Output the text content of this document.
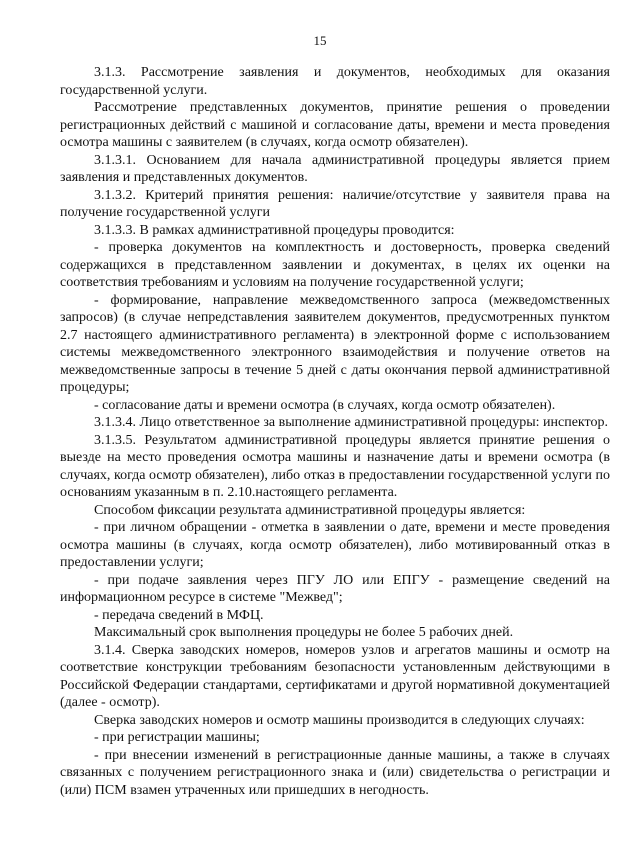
15

3.1.3. Рассмотрение заявления и документов, необходимых для оказания государственной услуги.

Рассмотрение представленных документов, принятие решения о проведении регистрационных действий с машиной и согласование даты, времени и места проведения осмотра машины с заявителем (в случаях, когда осмотр обязателен).

3.1.3.1. Основанием для начала административной процедуры является прием заявления и представленных документов.

3.1.3.2. Критерий принятия решения: наличие/отсутствие у заявителя права на получение государственной услуги

3.1.3.3. В рамках административной процедуры проводится:

- проверка документов на комплектность и достоверность, проверка сведений содержащихся в представленном заявлении и документах, в целях их оценки на соответствия требованиям и условиям на получение государственной услуги;

- формирование, направление межведомственного запроса (межведомственных запросов) (в случае непредставления заявителем документов, предусмотренных пунктом 2.7 настоящего административного регламента) в электронной форме с использованием системы межведомственного электронного взаимодействия и получение ответов на межведомственные запросы в течение 5 дней с даты окончания первой административной процедуры;

- согласование даты и времени осмотра (в случаях, когда осмотр обязателен).

3.1.3.4. Лицо ответственное за выполнение административной процедуры: инспектор.

3.1.3.5. Результатом административной процедуры является принятие решения о выезде на место проведения осмотра машины и назначение даты и времени осмотра (в случаях, когда осмотр обязателен), либо отказ в предоставлении государственной услуги по основаниям указанным в п. 2.10.настоящего регламента.

Способом фиксации результата административной процедуры является:

- при личном обращении - отметка в заявлении о дате, времени и месте проведения осмотра машины (в случаях, когда осмотр обязателен), либо мотивированный отказ в предоставлении услуги;

- при подаче заявления через ПГУ ЛО или ЕПГУ - размещение сведений на информационном ресурсе в системе "Межвед";

- передача сведений в МФЦ.

Максимальный срок выполнения процедуры не более 5 рабочих дней.

3.1.4. Сверка заводских номеров, номеров узлов и агрегатов машины и осмотр на соответствие конструкции требованиям безопасности установленным действующими в Российской Федерации стандартами, сертификатами и другой нормативной документацией (далее - осмотр).

Сверка заводских номеров и осмотр машины производится в следующих случаях:

- при регистрации машины;

- при внесении изменений в регистрационные данные машины, а также в случаях связанных с получением регистрационного знака и (или) свидетельства о регистрации и (или) ПСМ взамен утраченных или пришедших в негодность.
